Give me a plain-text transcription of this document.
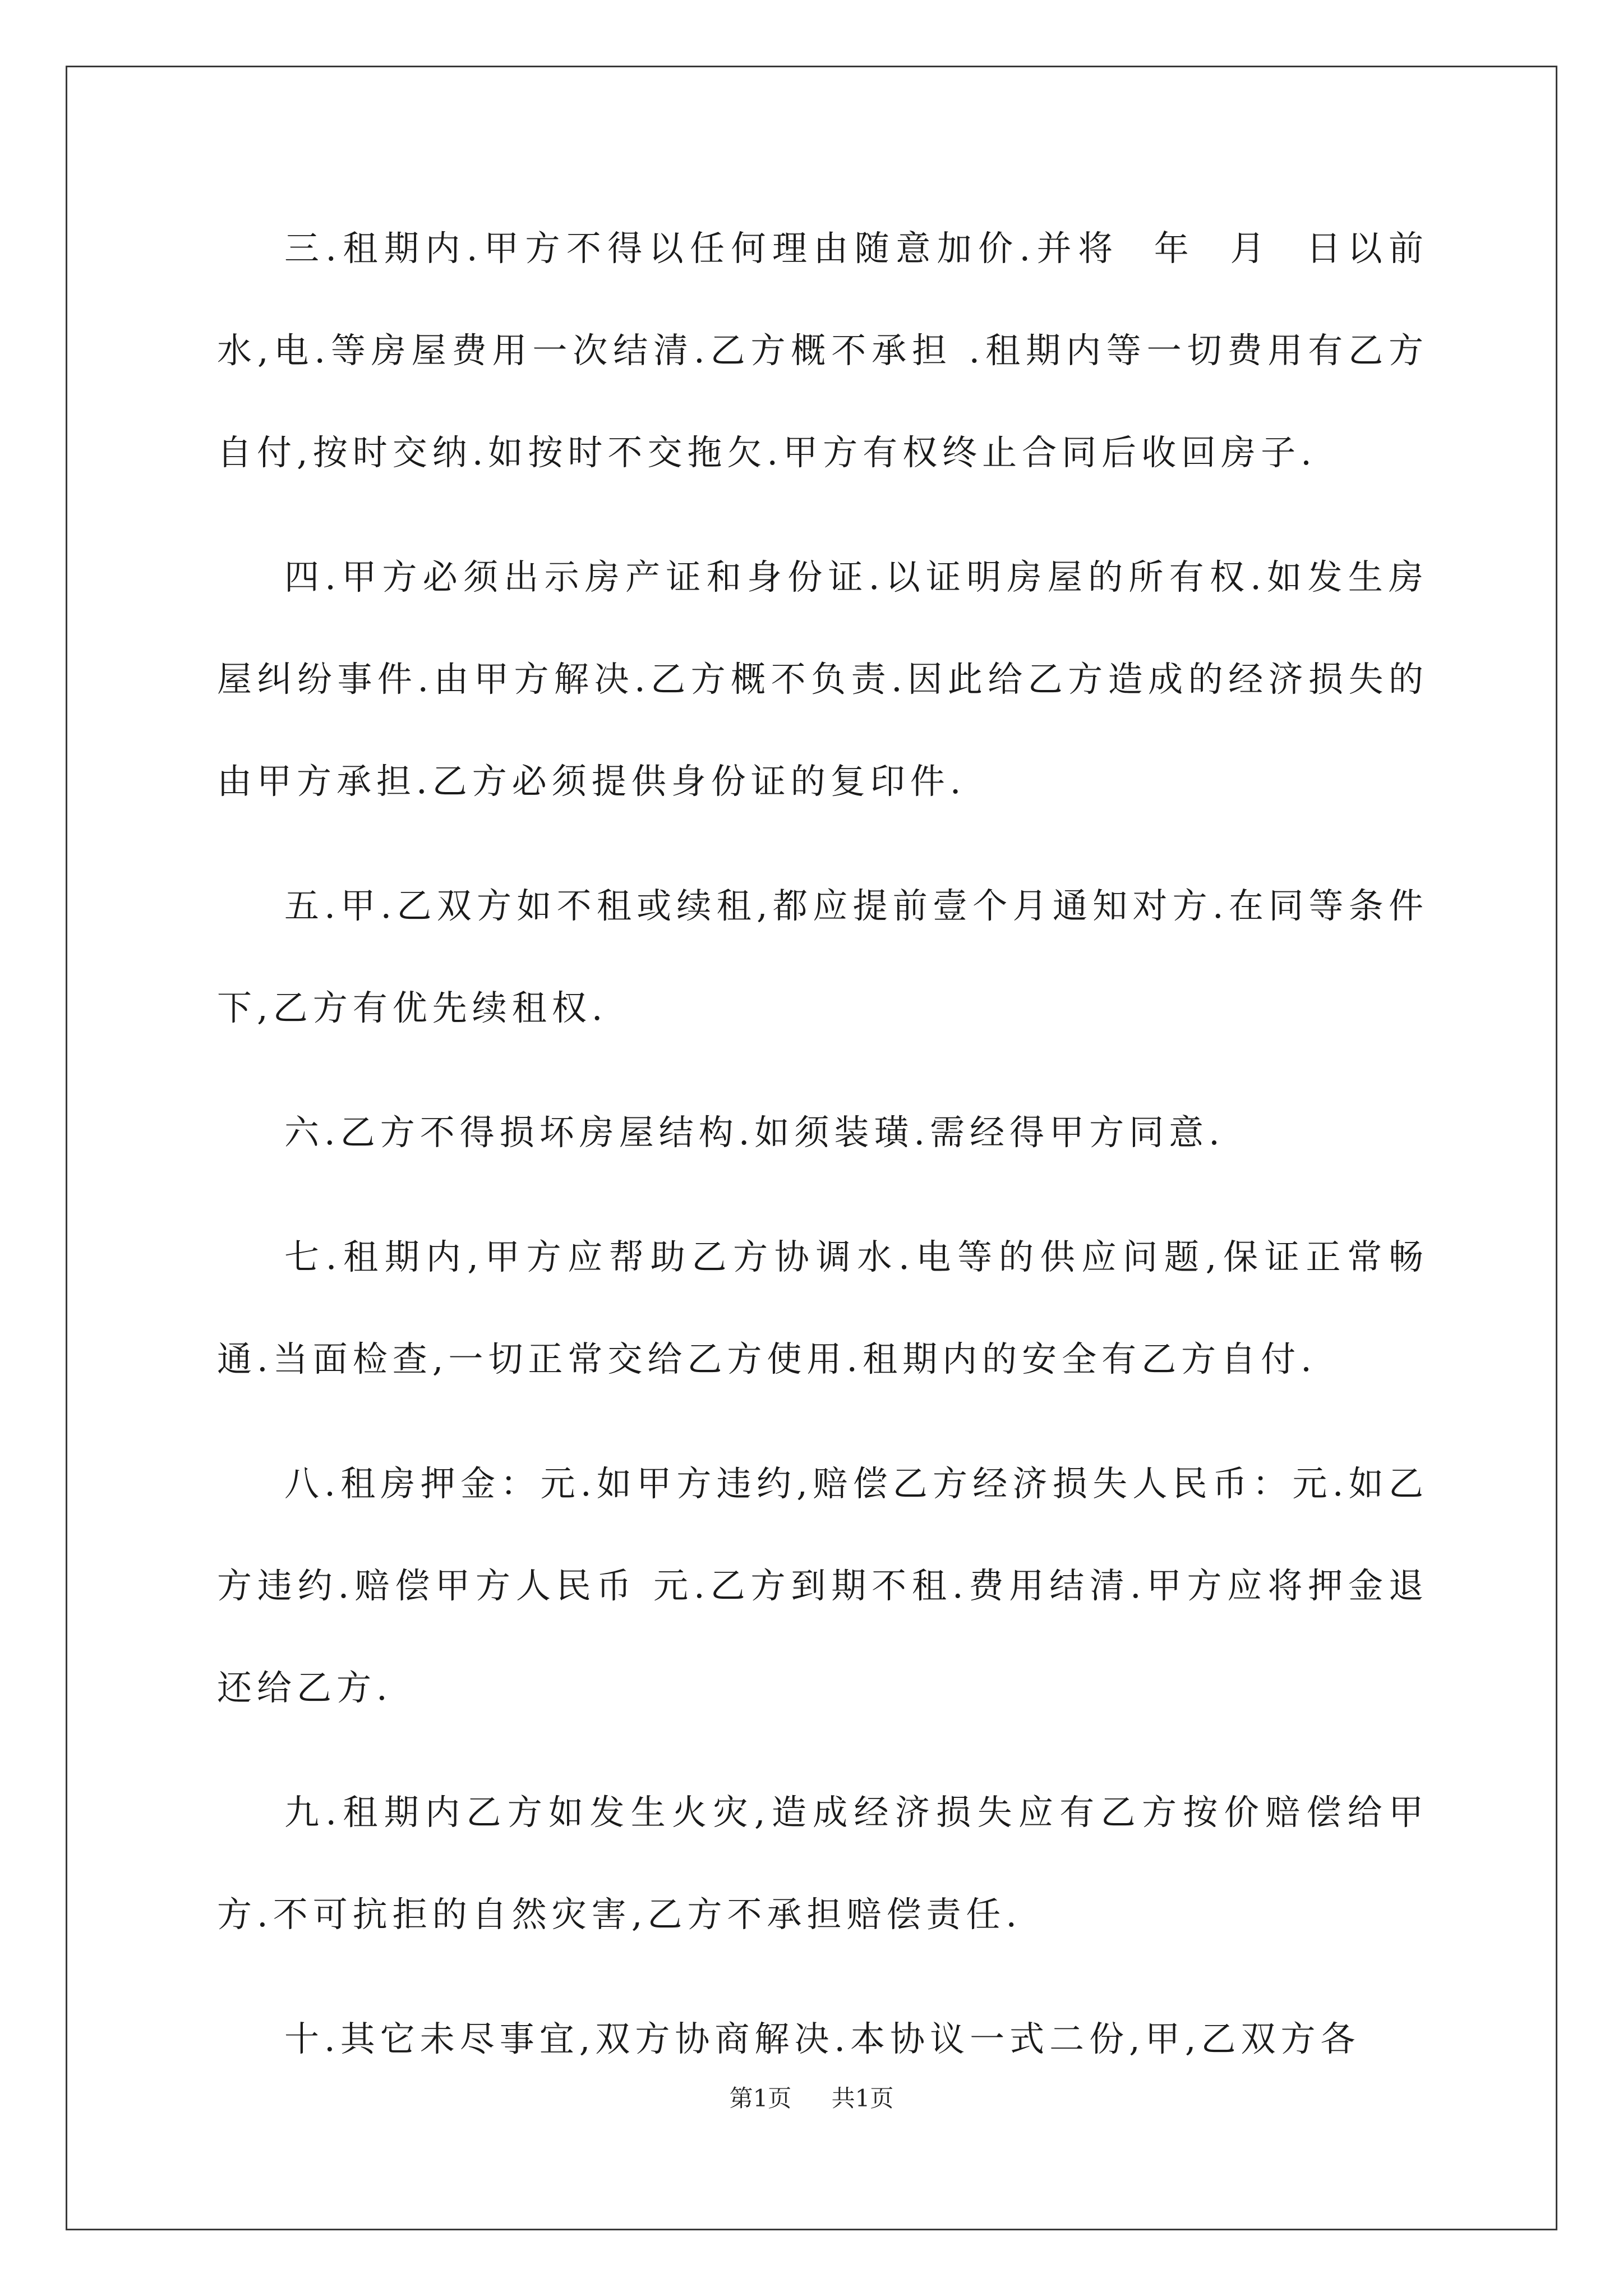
三.租期内.甲方不得以任何理由随意加价.并将  年  月  日以前水,电.等房屋费用一次结清.乙方概不承担 .租期内等一切费用有乙方自付,按时交纳.如按时不交拖欠.甲方有权终止合同后收回房子.

四.甲方必须出示房产证和身份证.以证明房屋的所有权.如发生房屋纠纷事件.由甲方解决.乙方概不负责.因此给乙方造成的经济损失的由甲方承担.乙方必须提供身份证的复印件.

五.甲.乙双方如不租或续租,都应提前壹个月通知对方.在同等条件下,乙方有优先续租权.

六.乙方不得损坏房屋结构.如须装璜.需经得甲方同意.

七.租期内,甲方应帮助乙方协调水.电等的供应问题,保证正常畅通.当面检查,一切正常交给乙方使用.租期内的安全有乙方自付.

八.租房押金：元.如甲方违约,赔偿乙方经济损失人民币：元.如乙方违约.赔偿甲方人民币 元.乙方到期不租.费用结清.甲方应将押金退还给乙方.

九.租期内乙方如发生火灾,造成经济损失应有乙方按价赔偿给甲方.不可抗拒的自然灾害,乙方不承担赔偿责任.

十.其它未尽事宜,双方协商解决.本协议一式二份,甲,乙双方各

第1页 共1页
